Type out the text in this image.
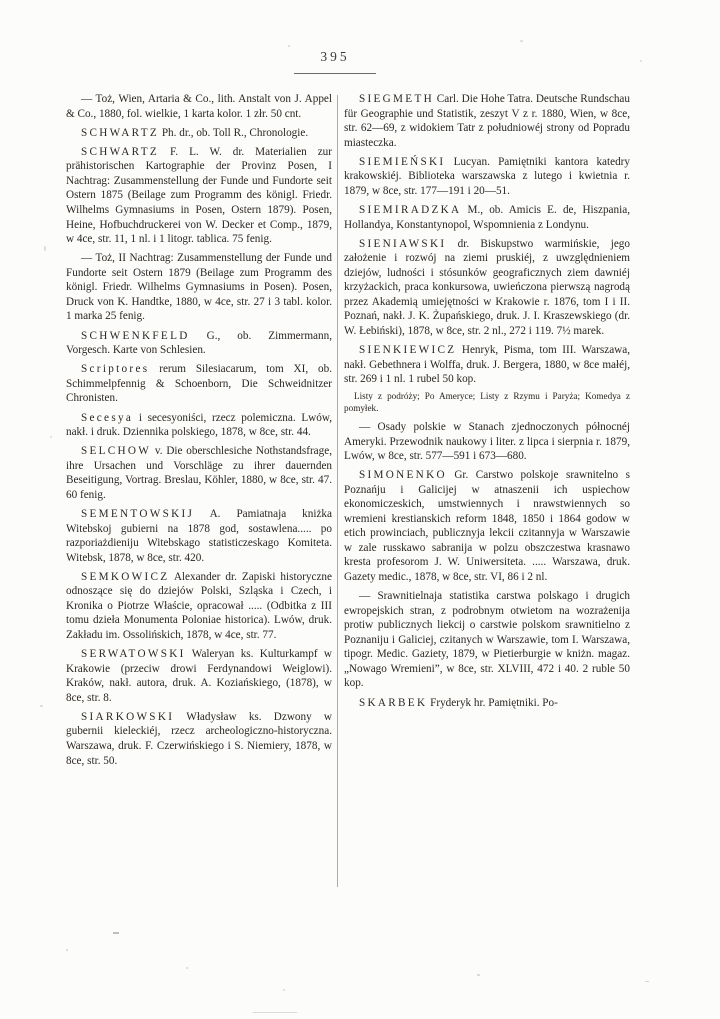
395

— Toż, Wien, Artaria & Co., lith. Anstalt von J. Appel & Co., 1880, fol. wielkie, 1 karta kolor. 1 złr. 50 cnt.

SCHWARTZ Ph. dr., ob. Toll R., Chronologie.

SCHWARTZ F. L. W. dr. Materialien zur prähistorischen Kartographie der Provinz Posen, I Nachtrag: Zusammenstellung der Funde und Fundorte seit Ostern 1875 (Beilage zum Programm des königl. Friedr. Wilhelms Gymnasiums in Posen, Ostern 1879). Posen, Heine, Hofbuchdruckerei von W. Decker et Comp., 1879, w 4ce, str. 11, 1 nl. i 1 litogr. tablica. 75 fenig.

— Toż, II Nachtrag: Zusammenstellung der Funde und Fundorte seit Ostern 1879 (Beilage zum Programm des königl. Friedr. Wilhelms Gymnasiums in Posen). Posen, Druck von K. Handtke, 1880, w 4ce, str. 27 i 3 tabl. kolor. 1 marka 25 fenig.

SCHWENKFELD G., ob. Zimmermann, Vorgesch. Karte von Schlesien.

Scriptores rerum Silesiacarum, tom XI, ob. Schimmelpfennig & Schoenborn, Die Schweidnitzer Chronisten.

Secesya i secesyoniści, rzecz polemiczna. Lwów, nakł. i druk. Dziennika polskiego, 1878, w 8ce, str. 44.

SELCHOW v. Die oberschlesiche Nothstandsfrage, ihre Ursachen und Vorschläge zu ihrer dauernden Beseitigung, Vortrag. Breslau, Köhler, 1880, w 8ce, str. 47. 60 fenig.

SEMENTOWSKIJ A. Pamiatnaja kniżka Witebskoj gubierni na 1878 god, sostawlena..... po razporiażdieniju Witebskago statisticzeskago Komiteta. Witebsk, 1878, w 8ce, str. 420.

SEMKOWICZ Alexander dr. Zapiski historyczne odnoszące się do dziejów Polski, Szląska i Czech, i Kronika o Piotrze Właście, opracował ..... (Odbitka z III tomu dzieła Monumenta Poloniae historica). Lwów, druk. Zakładu im. Ossolińskich, 1878, w 4ce, str. 77.

SERWATOWSKI Waleryan ks. Kulturkampf w Krakowie (przeciw drowi Ferdynandowi Weiglowi). Kraków, nakł. autora, druk. A. Koziańskiego, (1878), w 8ce, str. 8.

SIARKOWSKI Władysław ks. Dzwony w gubernii kieleckiéj, rzecz archeologiczno-historyczna. Warszawa, druk. F. Czerwińskiego i S. Niemiery, 1878, w 8ce, str. 50.

SIEGMETH Carl. Die Hohe Tatra. Deutsche Rundschau für Geographie und Statistik, zeszyt V z r. 1880, Wien, w 8ce, str. 62—69, z widokiem Tatr z południowéj strony od Popradu miasteczka.

SIEMIEŃSKI Lucyan. Pamiętniki kantora katedry krakowskiéj. Biblioteka warszawska z lutego i kwietnia r. 1879, w 8ce, str. 177—191 i 20—51.

SIEMIRADZKA M., ob. Amicis E. de, Hiszpania, Hollandya, Konstantynopol, Wspomnienia z Londynu.

SIENIAWSKI dr. Biskupstwo warmińskie, jego założenie i rozwój na ziemi pruskiéj, z uwzględnieniem dziejów, ludności i stósunków geograficznych ziem dawniéj krzyżackich, praca konkursowa, uwieńczona pierwszą nagrodą przez Akademią umiejętności w Krakowie r. 1876, tom I i II. Poznań, nakł. J. K. Żupańskiego, druk. J. I. Kraszewskiego (dr. W. Łebiński), 1878, w 8ce, str. 2 nl., 272 i 119. 7½ marek.

SIENKIEWICZ Henryk, Pisma, tom III. Warszawa, nakł. Gebethnera i Wolffa, druk. J. Bergera, 1880, w 8ce małéj, str. 269 i 1 nl. 1 rubel 50 kop.

Listy z podróży; Po Ameryce; Listy z Rzymu i Paryża; Komedya z pomyłek.

— Osady polskie w Stanach zjednoczonych północnéj Ameryki. Przewodnik naukowy i liter. z lipca i sierpnia r. 1879, Lwów, w 8ce, str. 577—591 i 673—680.

SIMONENKO Gr. Carstwo polskoje srawnitelno s Poznańju i Galicijej w atnaszenii ich uspiechow ekonomiczeskich, umstwiennych i nrawstwiennych so wremieni krestianskich reform 1848, 1850 i 1864 godow w etich prowinciach, publicznyja lekcii czitannyja w Warszawie w zale russkawo sabranija w polzu obszczestwa krasnawo kresta profesorom J. W. Uniwersiteta. ..... Warszawa, druk. Gazety medic., 1878, w 8ce, str. VI, 86 i 2 nl.

— Srawnitielnaja statistika carstwa polskago i drugich ewropejskich stran, z podrobnym otwietom na wozrażenija protiw publicznych liekcij o carstwie polskom srawnitielno z Poznaniju i Galiciej, czitanych w Warszawie, tom I. Warszawa, tipogr. Medic. Gaziety, 1879, w Pietierburgie w kniżn. magaz. „Nowago Wremieni”, w 8ce, str. XLVIII, 472 i 40. 2 ruble 50 kop.

SKARBEK Fryderyk hr. Pamiętniki. Po-
